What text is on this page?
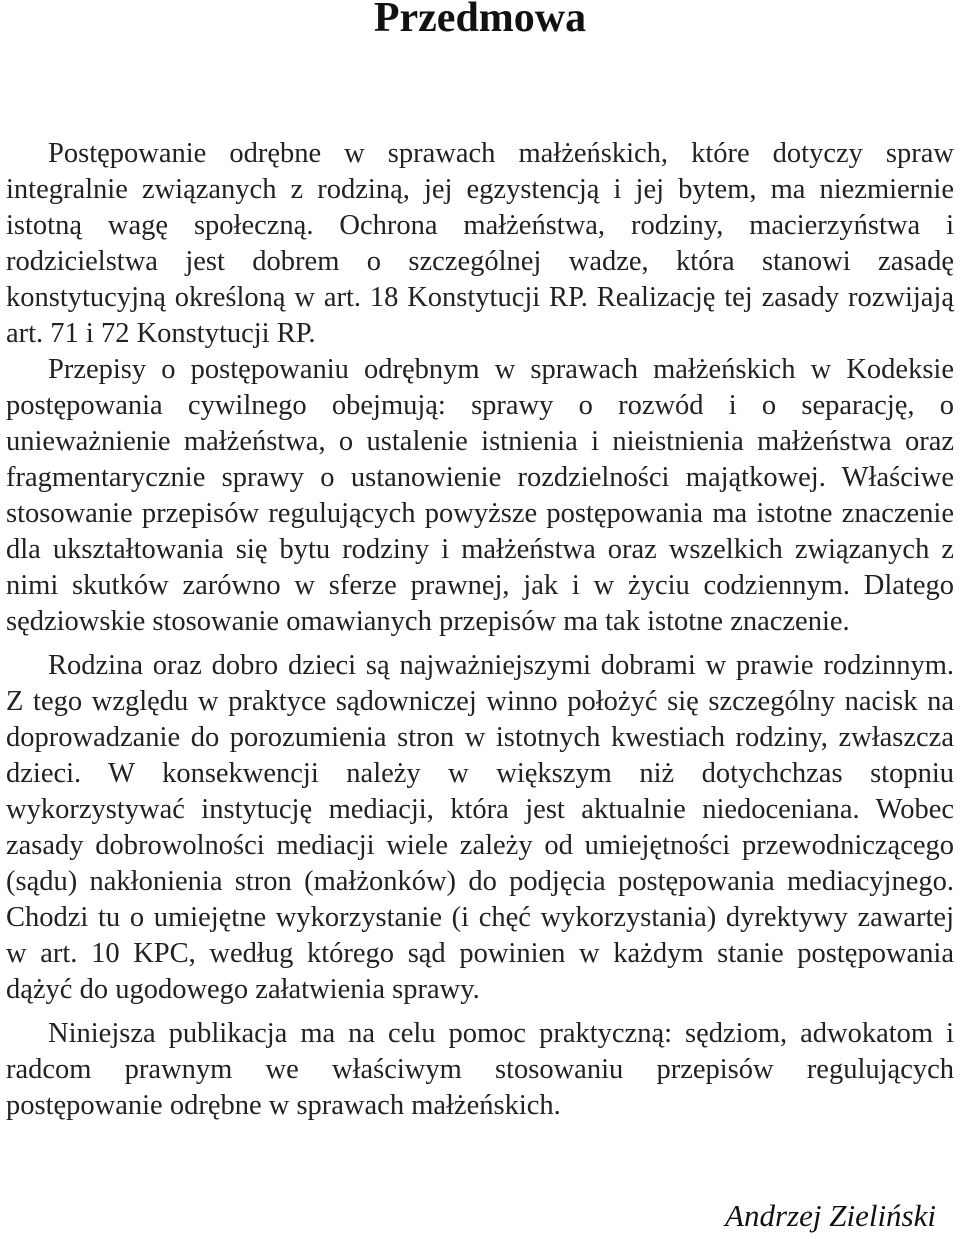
Przedmowa

Postępowanie odrębne w sprawach małżeńskich, które dotyczy spraw integralnie związanych z rodziną, jej egzystencją i jej bytem, ma niezmiernie istotną wagę społeczną. Ochrona małżeństwa, rodziny, macierzyństwa i rodzicielstwa jest dobrem o szczególnej wadze, która stanowi zasadę konstytucyjną określoną w art. 18 Konstytucji RP. Realizację tej zasady rozwijają art. 71 i 72 Konstytucji RP.

Przepisy o postępowaniu odrębnym w sprawach małżeńskich w Kodeksie postępowania cywilnego obejmują: sprawy o rozwód i o separację, o unieważnienie małżeństwa, o ustalenie istnienia i nieistnienia małżeństwa oraz fragmentarycznie sprawy o ustanowienie rozdzielności majątkowej. Właściwe stosowanie przepisów regulujących powyższe postępowania ma istotne znaczenie dla ukształtowania się bytu rodziny i małżeństwa oraz wszelkich związanych z nimi skutków zarówno w sferze prawnej, jak i w życiu codziennym. Dlatego sędziowskie stosowanie omawianych przepisów ma tak istotne znaczenie.

Rodzina oraz dobro dzieci są najważniejszymi dobrami w prawie rodzinnym. Z tego względu w praktyce sądowniczej winno położyć się szczególny nacisk na doprowadzanie do porozumienia stron w istotnych kwestiach rodziny, zwłaszcza dzieci. W konsekwencji należy w większym niż dotychchzas stopniu wykorzystywać instytucję mediacji, która jest aktualnie niedoceniana. Wobec zasady dobrowolności mediacji wiele zależy od umiejętności przewodniczącego (sądu) nakłonienia stron (małżonków) do podjęcia postępowania mediacyjnego. Chodzi tu o umiejętne wykorzystanie (i chęć wykorzystania) dyrektywy zawartej w art. 10 KPC, według którego sąd powinien w każdym stanie postępowania dążyć do ugodowego załatwienia sprawy.

Niniejsza publikacja ma na celu pomoc praktyczną: sędziom, adwokatom i radcom prawnym we właściwym stosowaniu przepisów regulujących postępowanie odrębne w sprawach małżeńskich.

Andrzej Zieliński
